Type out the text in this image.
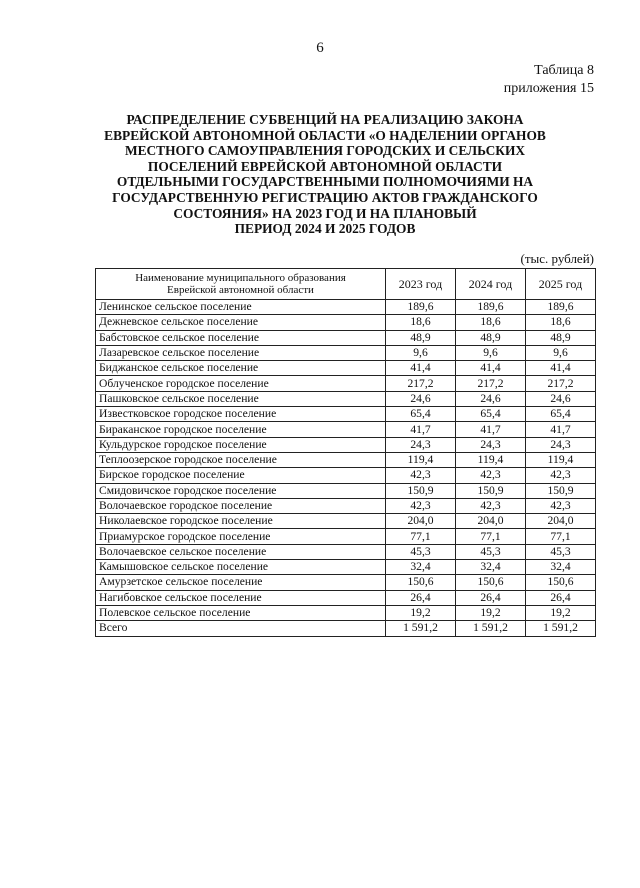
6
Таблица 8
приложения 15
РАСПРЕДЕЛЕНИЕ СУБВЕНЦИЙ НА РЕАЛИЗАЦИЮ ЗАКОНА
ЕВРЕЙСКОЙ АВТОНОМНОЙ ОБЛАСТИ «О НАДЕЛЕНИИ ОРГАНОВ
МЕСТНОГО САМОУПРАВЛЕНИЯ ГОРОДСКИХ И СЕЛЬСКИХ
ПОСЕЛЕНИЙ ЕВРЕЙСКОЙ АВТОНОМНОЙ ОБЛАСТИ
ОТДЕЛЬНЫМИ ГОСУДАРСТВЕННЫМИ ПОЛНОМОЧИЯМИ НА
ГОСУДАРСТВЕННУЮ РЕГИСТРАЦИЮ АКТОВ ГРАЖДАНСКОГО
СОСТОЯНИЯ» НА 2023 ГОД И НА ПЛАНОВЫЙ
ПЕРИОД 2024 И 2025 ГОДОВ
(тыс. рублей)
Наименование муниципального образования
Еврейской автономной области	2023 год	2024 год	2025 год
Ленинское сельское поселение	189,6	189,6	189,6
Дежневское сельское поселение	18,6	18,6	18,6
Бабстовское сельское поселение	48,9	48,9	48,9
Лазаревское сельское поселение	9,6	9,6	9,6
Биджанское сельское поселение	41,4	41,4	41,4
Облученское городское поселение	217,2	217,2	217,2
Пашковское сельское поселение	24,6	24,6	24,6
Известковское городское поселение	65,4	65,4	65,4
Бираканское городское поселение	41,7	41,7	41,7
Кульдурское городское поселение	24,3	24,3	24,3
Теплоозерское городское поселение	119,4	119,4	119,4
Бирское городское поселение	42,3	42,3	42,3
Смидовичское городское поселение	150,9	150,9	150,9
Волочаевское городское поселение	42,3	42,3	42,3
Николаевское городское поселение	204,0	204,0	204,0
Приамурское городское поселение	77,1	77,1	77,1
Волочаевское сельское поселение	45,3	45,3	45,3
Камышовское сельское поселение	32,4	32,4	32,4
Амурзетское сельское поселение	150,6	150,6	150,6
Нагибовское сельское поселение	26,4	26,4	26,4
Полевское сельское поселение	19,2	19,2	19,2
Всего	1 591,2	1 591,2	1 591,2
